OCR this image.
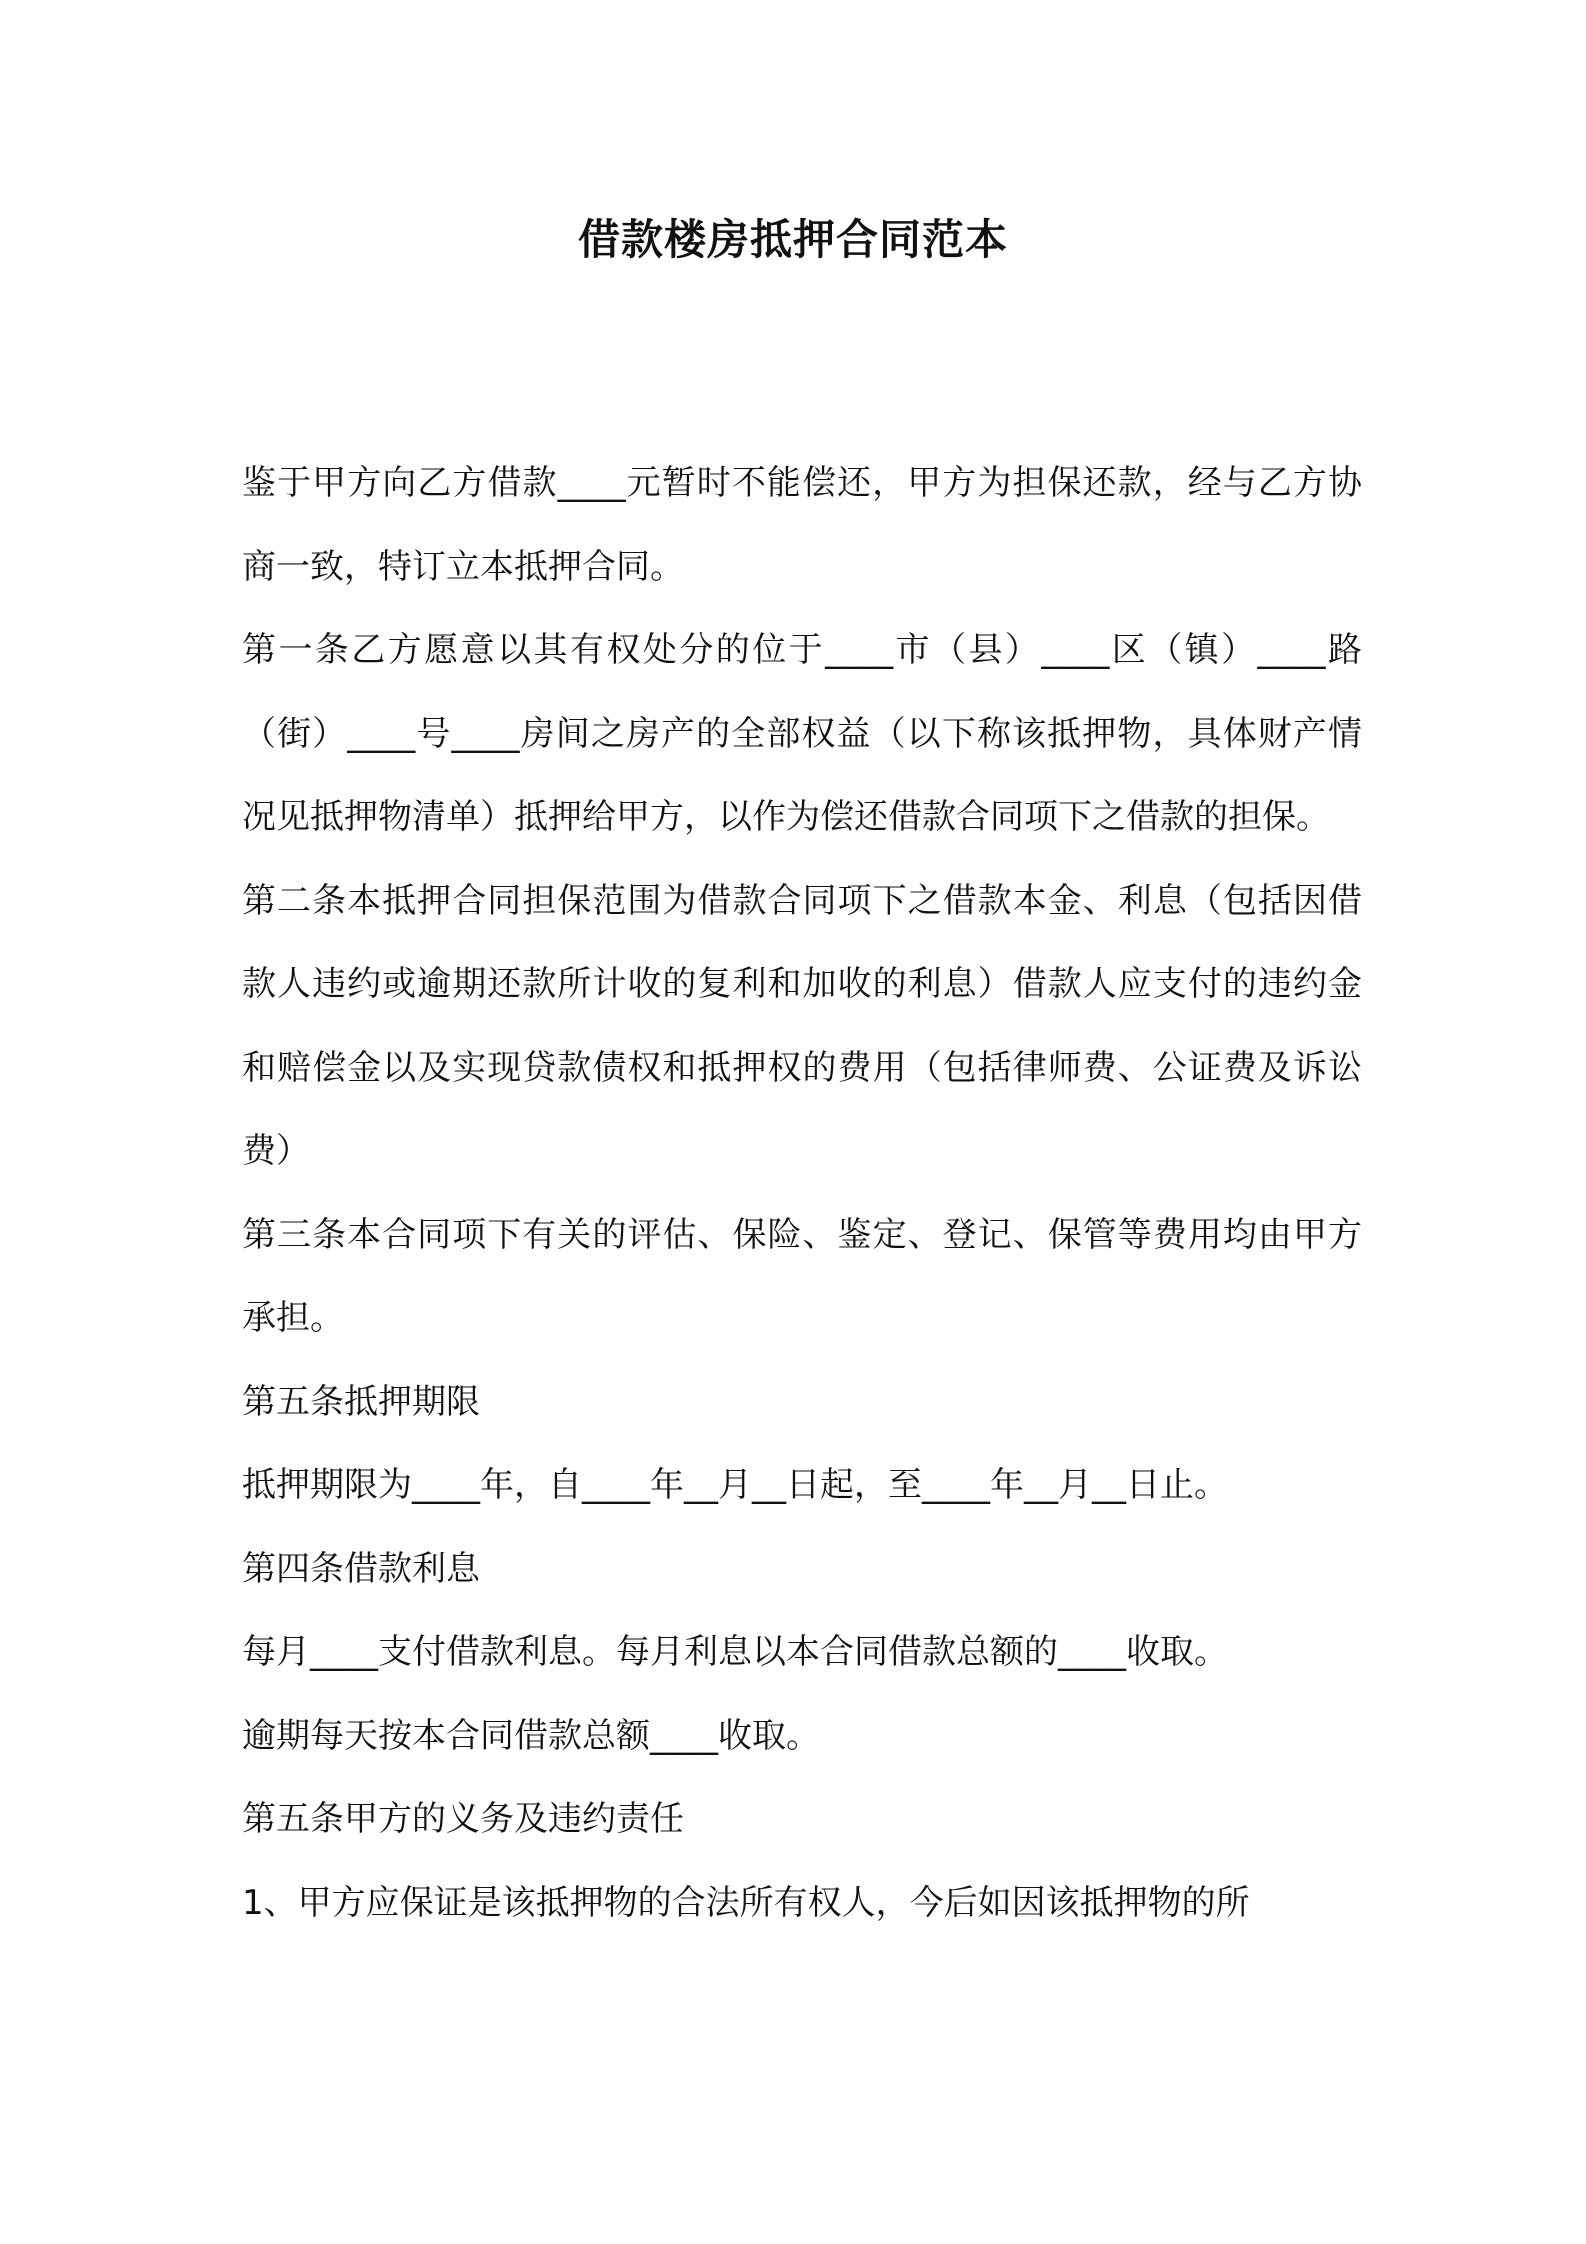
借款楼房抵押合同范本

鉴于甲方向乙方借款____元暂时不能偿还，甲方为担保还款，经与乙方协商一致，特订立本抵押合同。

第一条乙方愿意以其有权处分的位于____市（县）____区（镇）____路（街）____号____房间之房产的全部权益（以下称该抵押物，具体财产情况见抵押物清单）抵押给甲方，以作为偿还借款合同项下之借款的担保。

第二条本抵押合同担保范围为借款合同项下之借款本金、利息（包括因借款人违约或逾期还款所计收的复利和加收的利息）借款人应支付的违约金和赔偿金以及实现贷款债权和抵押权的费用（包括律师费、公证费及诉讼费）

第三条本合同项下有关的评估、保险、鉴定、登记、保管等费用均由甲方承担。

第五条抵押期限

抵押期限为____年，自____年__月__日起，至____年__月__日止。

第四条借款利息

每月____支付借款利息。每月利息以本合同借款总额的____收取。

逾期每天按本合同借款总额____收取。

第五条甲方的义务及违约责任

1、甲方应保证是该抵押物的合法所有权人，今后如因该抵押物的所
